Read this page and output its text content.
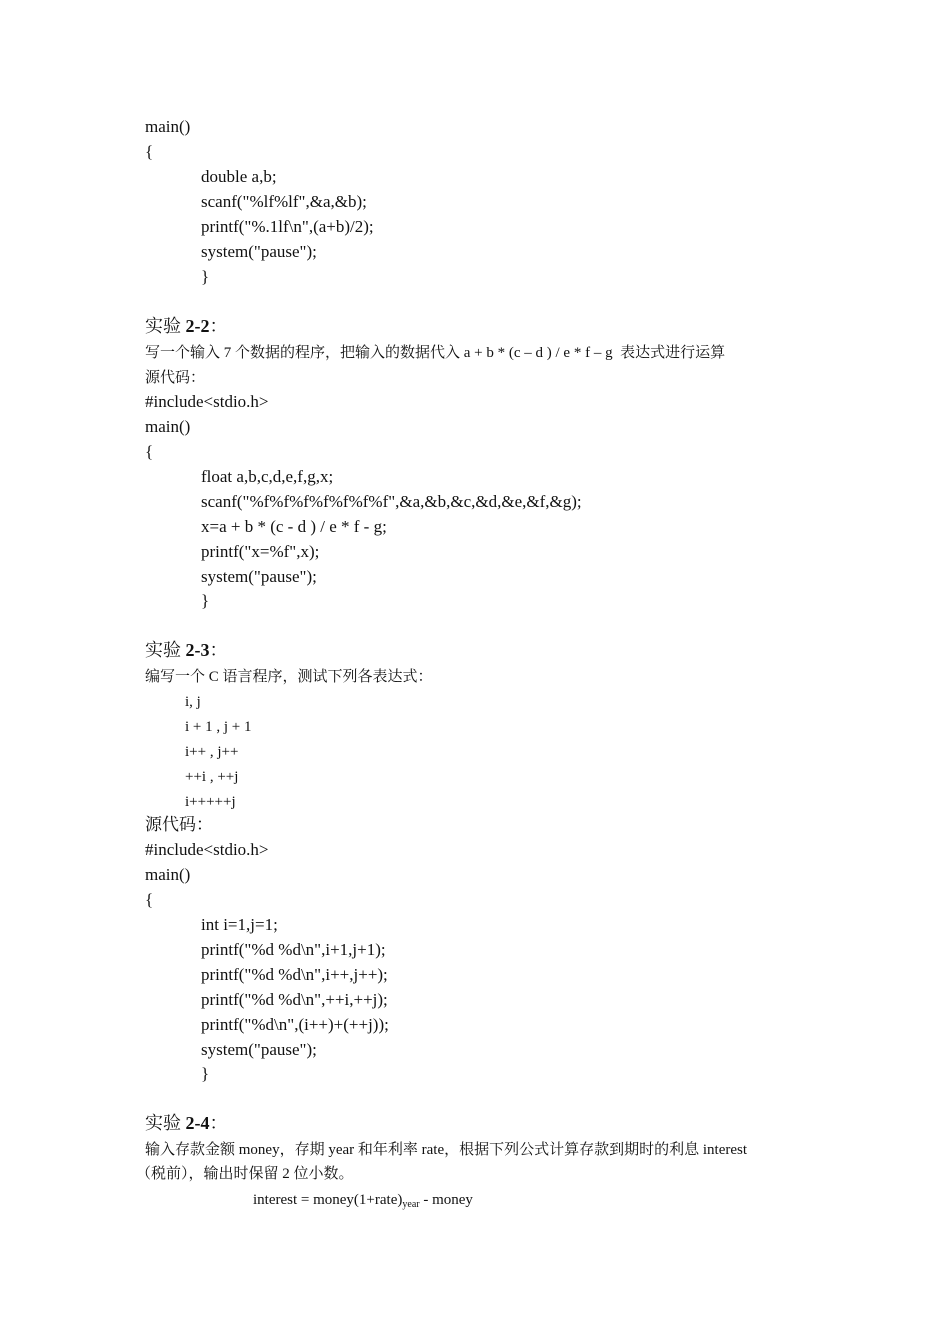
main()
{
double a,b;
scanf("%lf%lf",&a,&b);
printf("%.1lf\n",(a+b)/2);
system("pause");
}
实验 2-2：
写一个输入 7 个数据的程序，把输入的数据代入 a + b * (c – d ) / e * f – g  表达式进行运算
源代码：
#include<stdio.h>
main()
{
float a,b,c,d,e,f,g,x;
scanf("%f%f%f%f%f%f%f",&a,&b,&c,&d,&e,&f,&g);
x=a + b * (c - d ) / e * f - g;
printf("x=%f",x);
system("pause");
}
实验 2-3：
编写一个 C 语言程序，测试下列各表达式：
i, j
i + 1 , j + 1
i++ , j++
++i , ++j
i+++++j
源代码：
#include<stdio.h>
main()
{
int i=1,j=1;
printf("%d %d\n",i+1,j+1);
printf("%d %d\n",i++,j++);
printf("%d %d\n",++i,++j);
printf("%d\n",(i++)+(++j));
system("pause");
}
实验 2-4：
输入存款金额 money，存期 year 和年利率 rate，根据下列公式计算存款到期时的利息 interest
（税前），输出时保留 2 位小数。
interest = $money(1+rate)_{year}$ - money
